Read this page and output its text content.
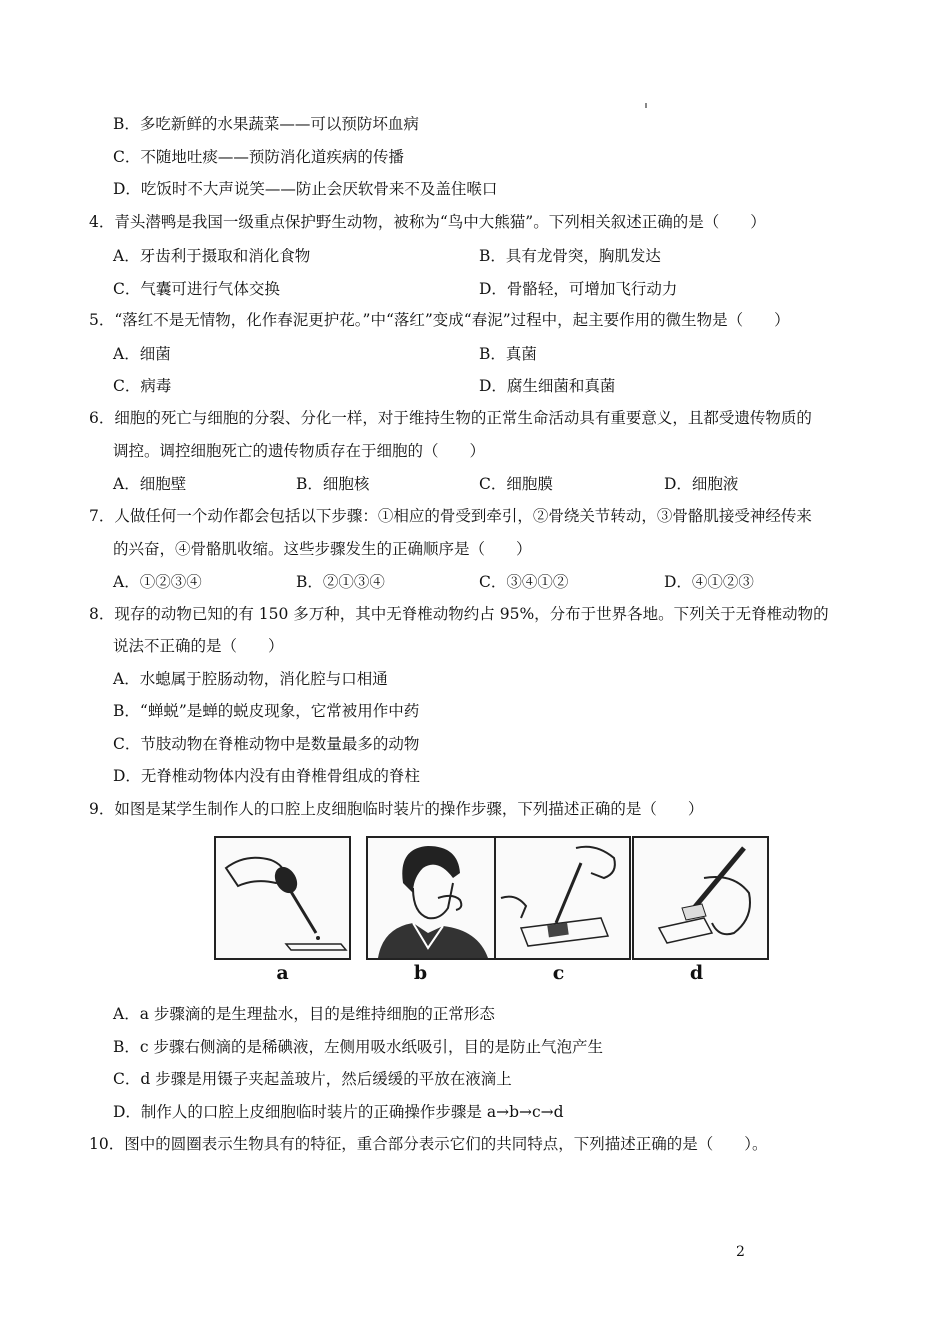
B．多吃新鲜的水果蔬菜——可以预防坏血病
C．不随地吐痰——预防消化道疾病的传播
D．吃饭时不大声说笑——防止会厌软骨来不及盖住喉口
4．青头潜鸭是我国一级重点保护野生动物，被称为“鸟中大熊猫”。下列相关叙述正确的是（　　）
A．牙齿利于摄取和消化食物	B．具有龙骨突，胸肌发达
C．气囊可进行气体交换	D．骨骼轻，可增加飞行动力
5．“落红不是无情物，化作春泥更护花。”中“落红”变成“春泥”过程中，起主要作用的微生物是（　　）
A．细菌	B．真菌
C．病毒	D．腐生细菌和真菌
6．细胞的死亡与细胞的分裂、分化一样，对于维持生物的正常生命活动具有重要意义，且都受遗传物质的
调控。调控细胞死亡的遗传物质存在于细胞的（　　）
A．细胞壁	B．细胞核	C．细胞膜	D．细胞液
7．人做任何一个动作都会包括以下步骤：①相应的骨受到牵引，②骨绕关节转动，③骨骼肌接受神经传来
的兴奋，④骨骼肌收缩。这些步骤发生的正确顺序是（　　）
A．①②③④	B．②①③④	C．③④①②	D．④①②③
8．现存的动物已知的有 150 多万种，其中无脊椎动物约占 95%，分布于世界各地。下列关于无脊椎动物的
说法不正确的是（　　）
A．水螅属于腔肠动物，消化腔与口相通
B．“蝉蜕”是蝉的蜕皮现象，它常被用作中药
C．节肢动物在脊椎动物中是数量最多的动物
D．无脊椎动物体内没有由脊椎骨组成的脊柱
9．如图是某学生制作人的口腔上皮细胞临时装片的操作步骤，下列描述正确的是（　　）
a	b	c	d
A．a 步骤滴的是生理盐水，目的是维持细胞的正常形态
B．c 步骤右侧滴的是稀碘液，左侧用吸水纸吸引，目的是防止气泡产生
C．d 步骤是用镊子夹起盖玻片，然后缓缓的平放在液滴上
D．制作人的口腔上皮细胞临时装片的正确操作步骤是 a→b→c→d
10．图中的圆圈表示生物具有的特征，重合部分表示它们的共同特点，下列描述正确的是（　　）。
2
